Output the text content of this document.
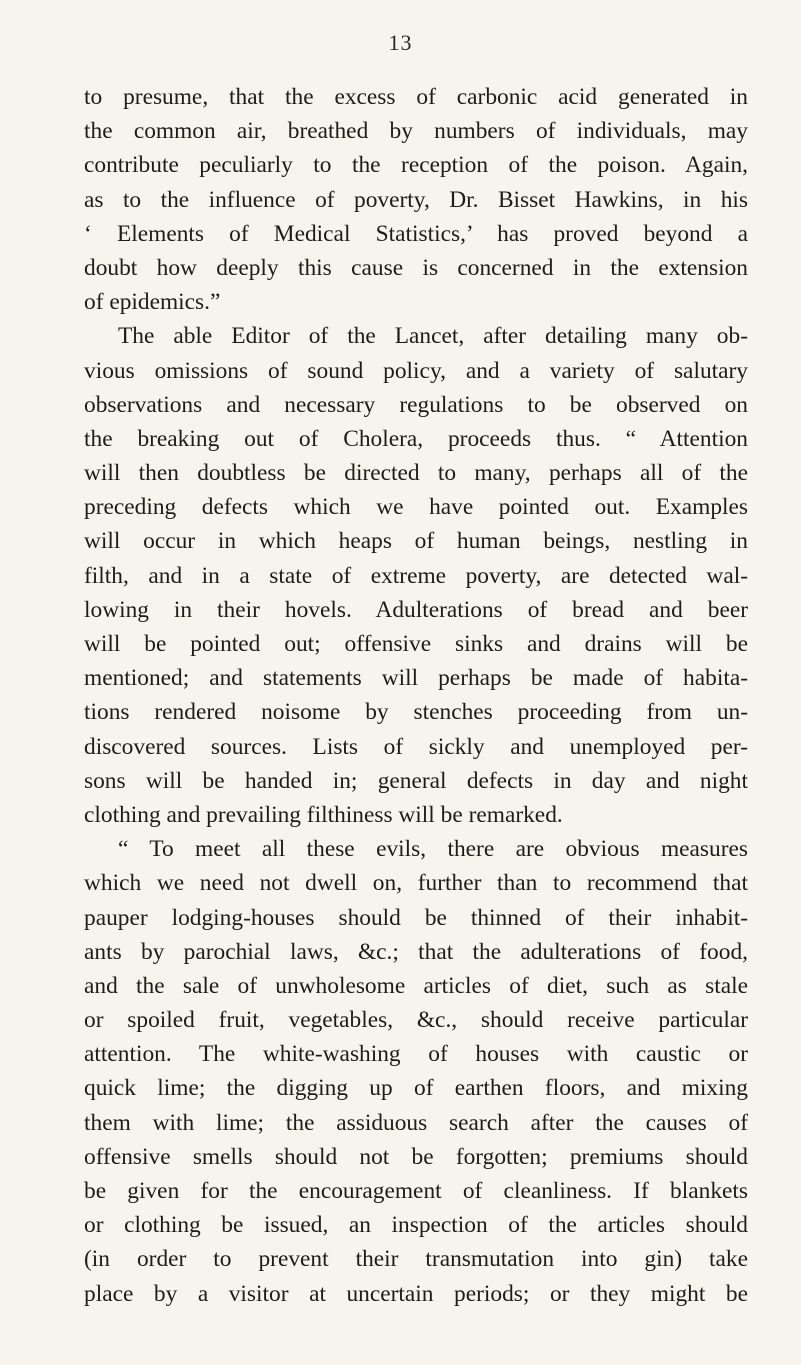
13
to presume, that the excess of carbonic acid generated in
the common air, breathed by numbers of individuals, may
contribute peculiarly to the reception of the poison. Again,
as to the influence of poverty, Dr. Bisset Hawkins, in his
‘ Elements of Medical Statistics,’ has proved beyond a
doubt how deeply this cause is concerned in the extension
of epidemics.”
The able Editor of the Lancet, after detailing many ob-
vious omissions of sound policy, and a variety of salutary
observations and necessary regulations to be observed on
the breaking out of Cholera, proceeds thus. “ Attention
will then doubtless be directed to many, perhaps all of the
preceding defects which we have pointed out. Examples
will occur in which heaps of human beings, nestling in
filth, and in a state of extreme poverty, are detected wal-
lowing in their hovels. Adulterations of bread and beer
will be pointed out; offensive sinks and drains will be
mentioned; and statements will perhaps be made of habita-
tions rendered noisome by stenches proceeding from un-
discovered sources. Lists of sickly and unemployed per-
sons will be handed in; general defects in day and night
clothing and prevailing filthiness will be remarked.
“ To meet all these evils, there are obvious measures
which we need not dwell on, further than to recommend that
pauper lodging-houses should be thinned of their inhabit-
ants by parochial laws, &c.; that the adulterations of food,
and the sale of unwholesome articles of diet, such as stale
or spoiled fruit, vegetables, &c., should receive particular
attention. The white-washing of houses with caustic or
quick lime; the digging up of earthen floors, and mixing
them with lime; the assiduous search after the causes of
offensive smells should not be forgotten; premiums should
be given for the encouragement of cleanliness. If blankets
or clothing be issued, an inspection of the articles should
(in order to prevent their transmutation into gin) take
place by a visitor at uncertain periods; or they might be
